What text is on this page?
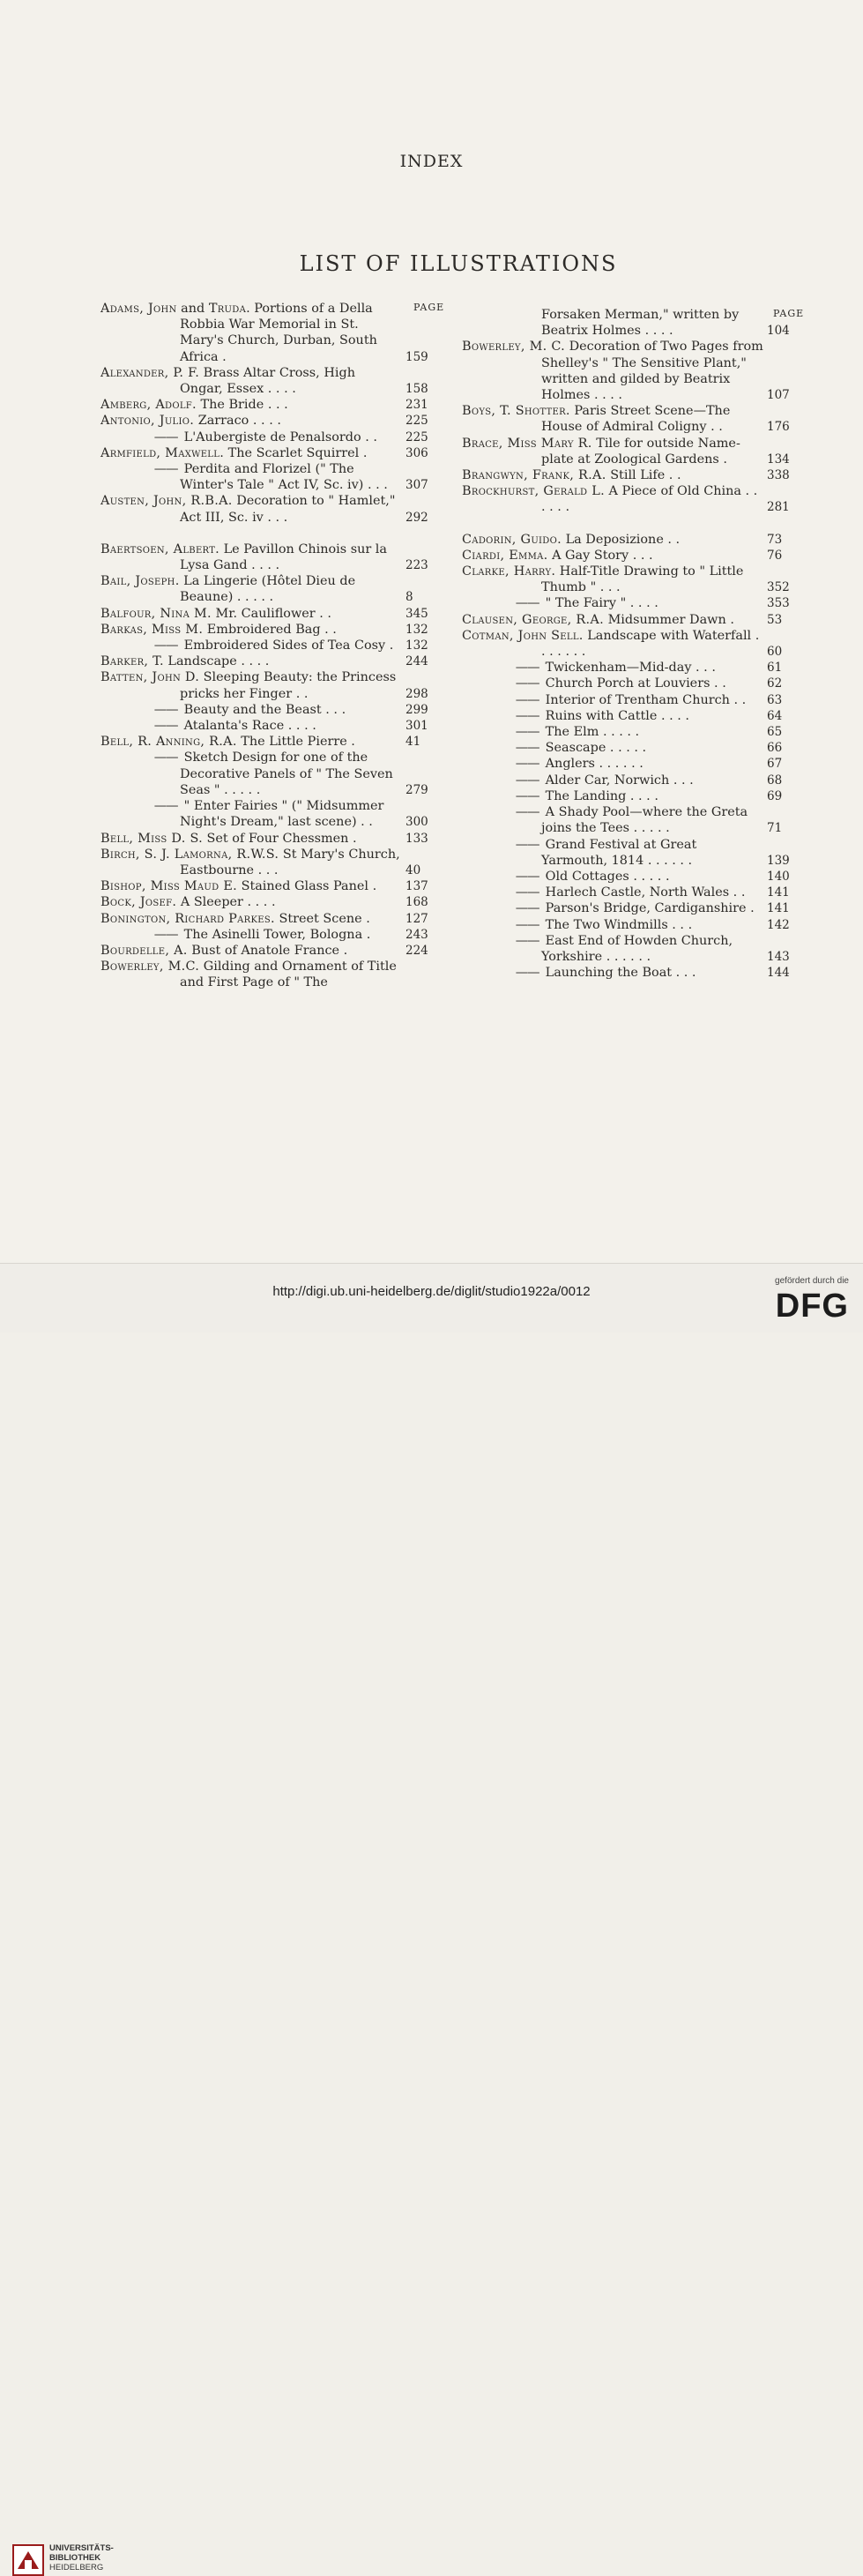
INDEX
LIST OF ILLUSTRATIONS
PAGE
PAGE
Adams, John and Truda. Portions of a Della Robbia War Memorial in St. Mary's Church, Durban, South Africa .	159
Alexander, P. F. Brass Altar Cross, High Ongar, Essex . . . .	158
Amberg, Adolf. The Bride . . .	231
Antonio, Julio. Zarraco . . . .	225
——  L'Aubergiste de Penalsordo . . 225
Armfield, Maxwell. The Scarlet Squirrel .	306
——  Perdita and Florizel (" The Winter's Tale " Act IV, Sc. iv) . . . 307
Austen, John, R.B.A. Decoration to " Hamlet," Act III, Sc. iv . . .	292
Baertsoen, Albert. Le Pavillon Chinois sur la Lysa Gand . . . .	223
Bail, Joseph. La Lingerie (Hôtel Dieu de Beaune) . . . . .	8
Balfour, Nina M. Mr. Cauliflower . .	345
Barkas, Miss M. Embroidered Bag . .	132
——  Embroidered Sides of Tea Cosy . 132
Barker, T. Landscape . . . .	244
Batten, John D. Sleeping Beauty: the Princess pricks her Finger . .	298
——  Beauty and the Beast . . .	299
——  Atalanta's Race . . . .	301
Bell, R. Anning, R.A. The Little Pierre .	41
——  Sketch Design for one of the Decorative Panels of " The Seven Seas " . . . . .	279
——  " Enter Fairies " (" Midsummer Night's Dream," last scene) . .	300
Bell, Miss D. S. Set of Four Chessmen .	133
Birch, S. J. Lamorna, R.W.S. St Mary's Church, Eastbourne . . .	40
Bishop, Miss Maud E. Stained Glass Panel . 137
Bock, Josef. A Sleeper . . . .	168
Bonington, Richard Parkes. Street Scene .	127
——  The Asinelli Tower, Bologna .	243
Bourdelle, A. Bust of Anatole France .	224
Bowerley, M.C. Gilding and Ornament of Title and First Page of " The
Forsaken Merman," written by Beatrix Holmes . . . .	104
Bowerley, M. C. Decoration of Two Pages from Shelley's " The Sensitive Plant," written and gilded by Beatrix Holmes . . . .	107
Boys, T. Shotter. Paris Street Scene—The House of Admiral Coligny . .	176
Brace, Miss Mary R. Tile for outside Name-plate at Zoological Gardens .	134
Brangwyn, Frank, R.A. Still Life . .	338
Brockhurst, Gerald L. A Piece of Old China . . . . . .	281
Cadorin, Guido. La Deposizione . .	73
Ciardi, Emma. A Gay Story . . .	76
Clarke, Harry. Half-Title Drawing to " Little Thumb " . . .	352
——  " The Fairy " . . . .	353
Clausen, George, R.A. Midsummer Dawn .	53
Cotman, John Sell. Landscape with Waterfall . . . . . . .	60
——  Twickenham—Mid-day . . .	61
——  Church Porch at Louviers . .	62
——  Interior of Trentham Church . . 63
——  Ruins with Cattle . . . .	64
——  The Elm . . . . .	65
——  Seascape . . . . .	66
——  Anglers . . . . . .	67
——  Alder Car, Norwich . . .	68
——  The Landing . . . .	69
——  A Shady Pool—where the Greta joins the Tees . . . . .	71
——  Grand Festival at Great Yarmouth, 1814 . . . . . .	139
——  Old Cottages . . . . .	140
——  Harlech Castle, North Wales . . 141
——  Parson's Bridge, Cardiganshire . 141
——  The Two Windmills . . .	142
——  East End of Howden Church, Yorkshire . . . . . .	143
——  Launching the Boat . . .	144
UNIVERSITÄTS-
BIBLIOTHEK
HEIDELBERG
http://digi.ub.uni-heidelberg.de/diglit/studio1922a/0012
gefördert durch die
DFG
